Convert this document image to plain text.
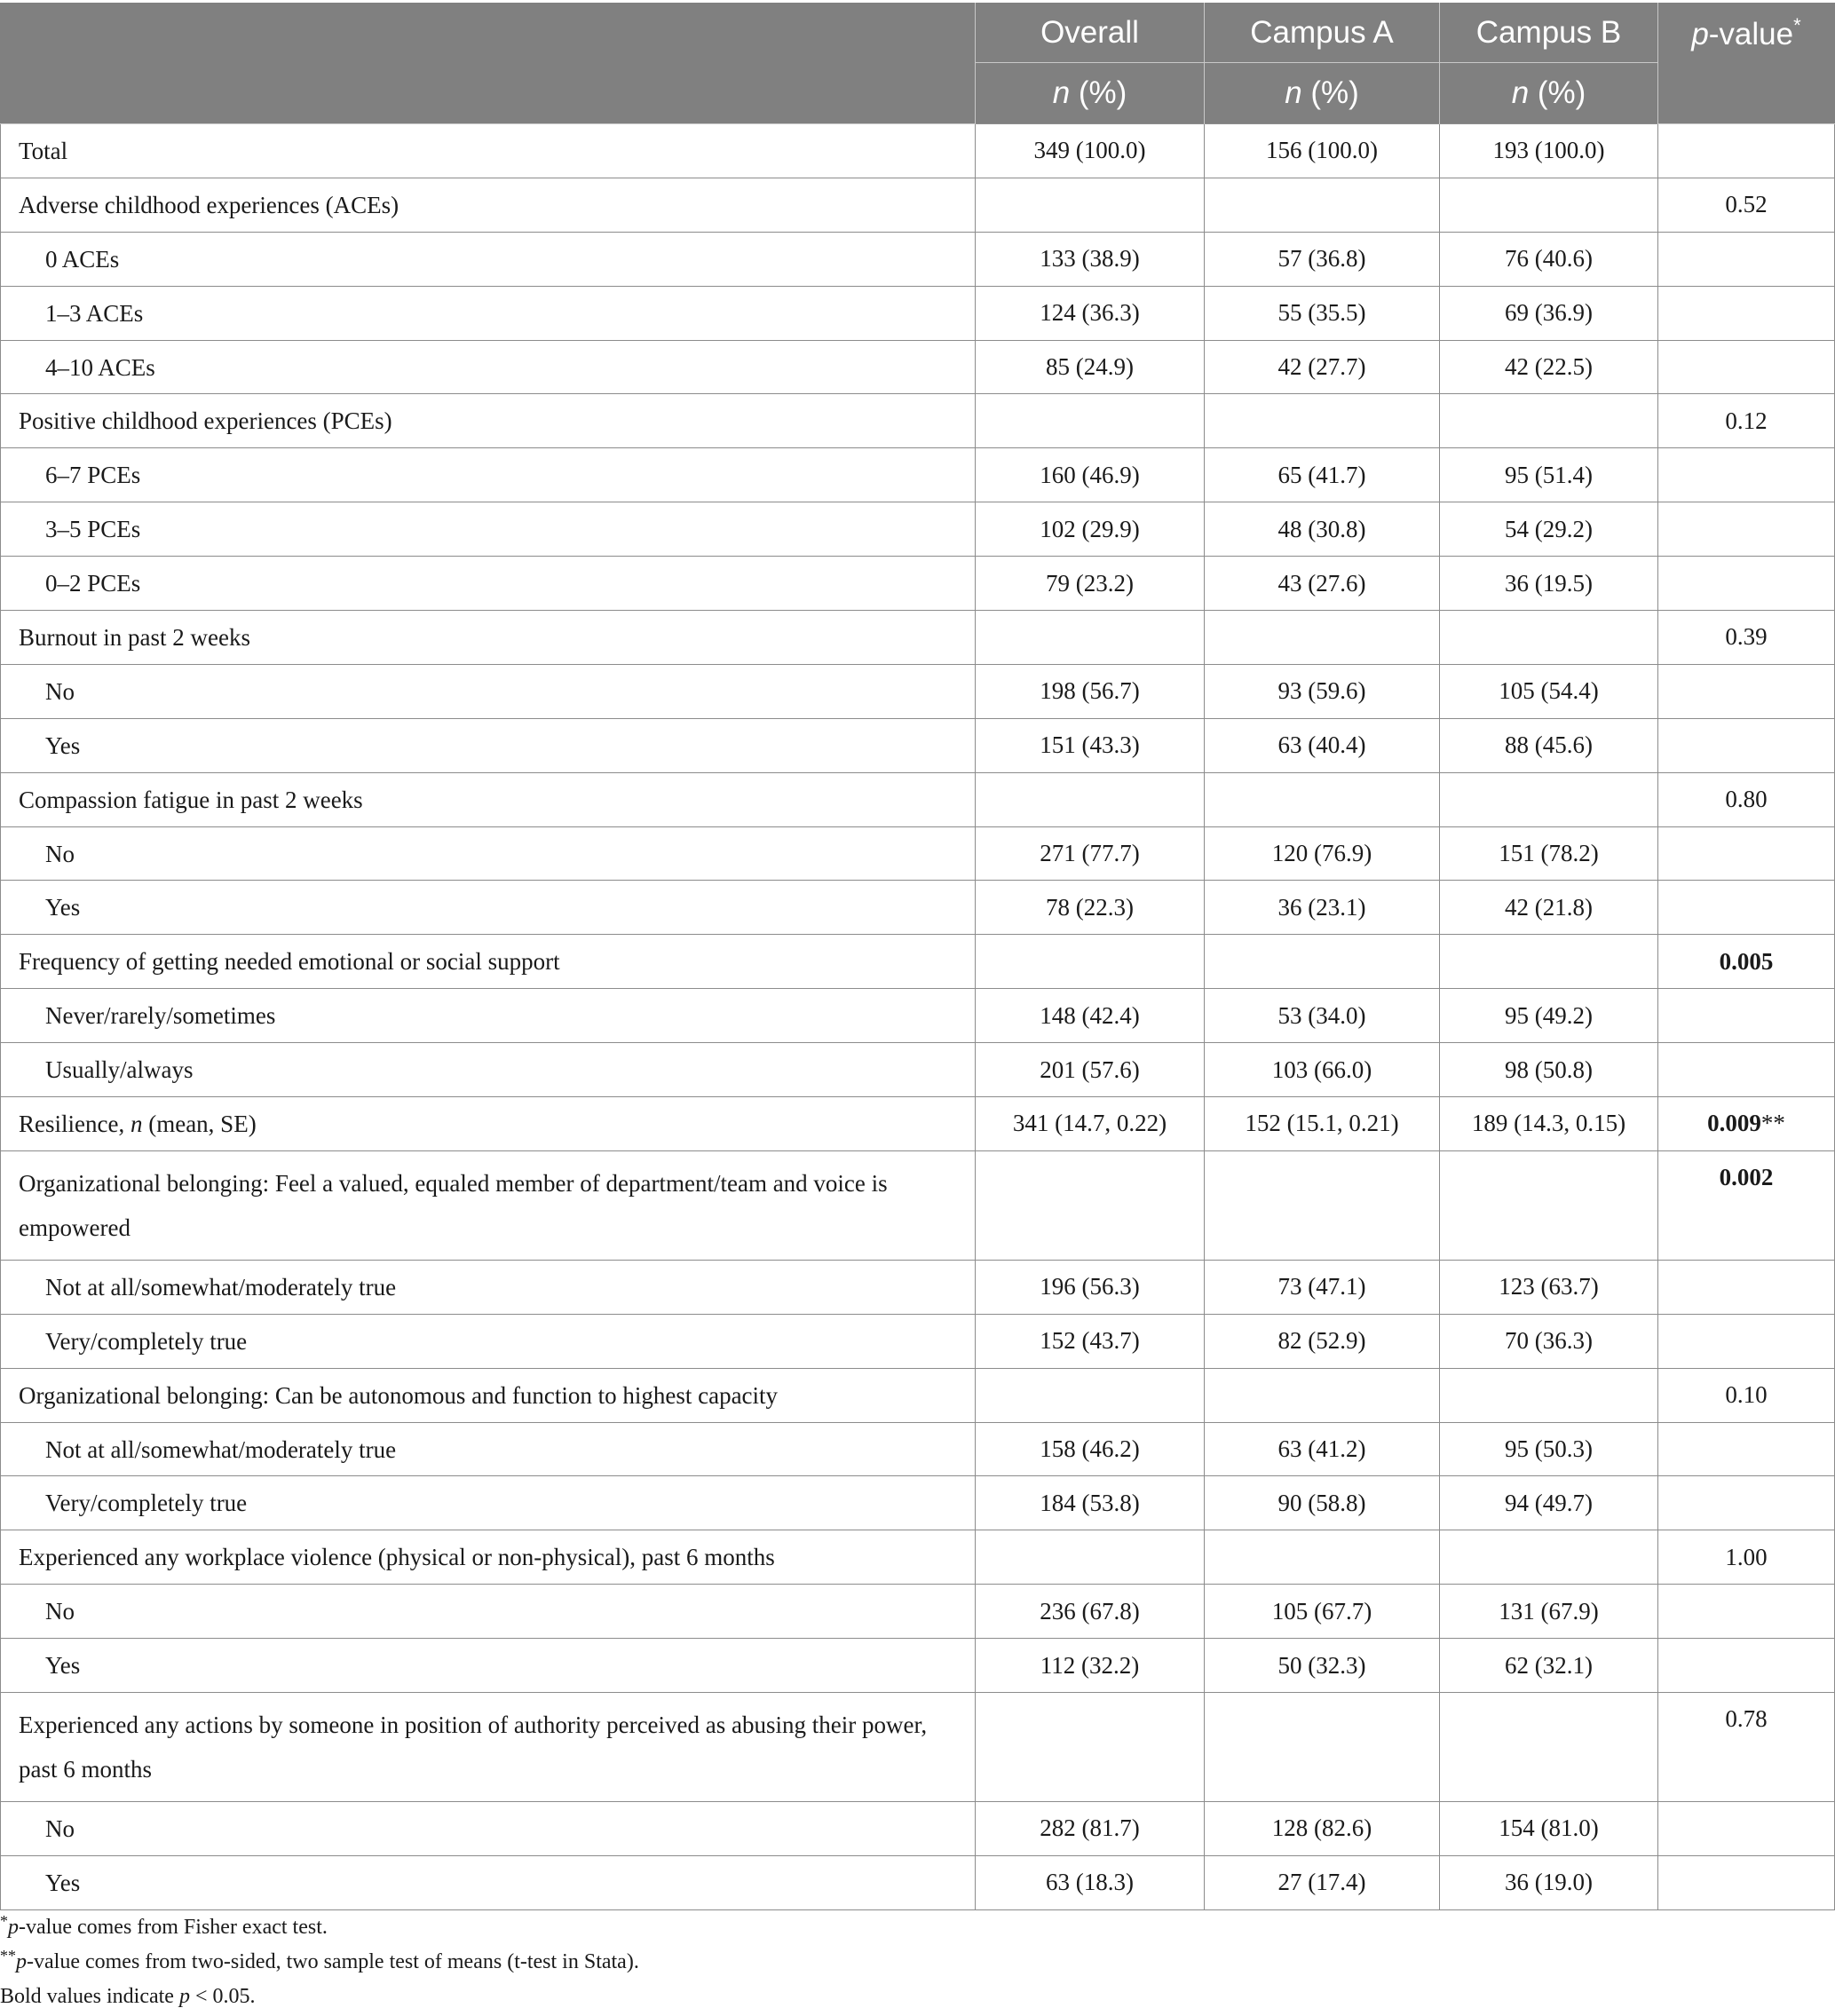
	Overall	Campus A	Campus B	p-value*
	n (%)	n (%)	n (%)	
Total	349 (100.0)	156 (100.0)	193 (100.0)	
Adverse childhood experiences (ACEs)				0.52
0 ACEs	133 (38.9)	57 (36.8)	76 (40.6)	
1–3 ACEs	124 (36.3)	55 (35.5)	69 (36.9)	
4–10 ACEs	85 (24.9)	42 (27.7)	42 (22.5)	
Positive childhood experiences (PCEs)				0.12
6–7 PCEs	160 (46.9)	65 (41.7)	95 (51.4)	
3–5 PCEs	102 (29.9)	48 (30.8)	54 (29.2)	
0–2 PCEs	79 (23.2)	43 (27.6)	36 (19.5)	
Burnout in past 2 weeks				0.39
No	198 (56.7)	93 (59.6)	105 (54.4)	
Yes	151 (43.3)	63 (40.4)	88 (45.6)	
Compassion fatigue in past 2 weeks				0.80
No	271 (77.7)	120 (76.9)	151 (78.2)	
Yes	78 (22.3)	36 (23.1)	42 (21.8)	
Frequency of getting needed emotional or social support				0.005
Never/rarely/sometimes	148 (42.4)	53 (34.0)	95 (49.2)	
Usually/always	201 (57.6)	103 (66.0)	98 (50.8)	
Resilience, n (mean, SE)	341 (14.7, 0.22)	152 (15.1, 0.21)	189 (14.3, 0.15)	0.009**
Organizational belonging: Feel a valued, equaled member of department/team and voice is empowered				0.002
Not at all/somewhat/moderately true	196 (56.3)	73 (47.1)	123 (63.7)	
Very/completely true	152 (43.7)	82 (52.9)	70 (36.3)	
Organizational belonging: Can be autonomous and function to highest capacity				0.10
Not at all/somewhat/moderately true	158 (46.2)	63 (41.2)	95 (50.3)	
Very/completely true	184 (53.8)	90 (58.8)	94 (49.7)	
Experienced any workplace violence (physical or non-physical), past 6 months				1.00
No	236 (67.8)	105 (67.7)	131 (67.9)	
Yes	112 (32.2)	50 (32.3)	62 (32.1)	
Experienced any actions by someone in position of authority perceived as abusing their power, past 6 months				0.78
No	282 (81.7)	128 (82.6)	154 (81.0)	
Yes	63 (18.3)	27 (17.4)	36 (19.0)	
*p-value comes from Fisher exact test.
**p-value comes from two-sided, two sample test of means (t-test in Stata).
Bold values indicate p < 0.05.
